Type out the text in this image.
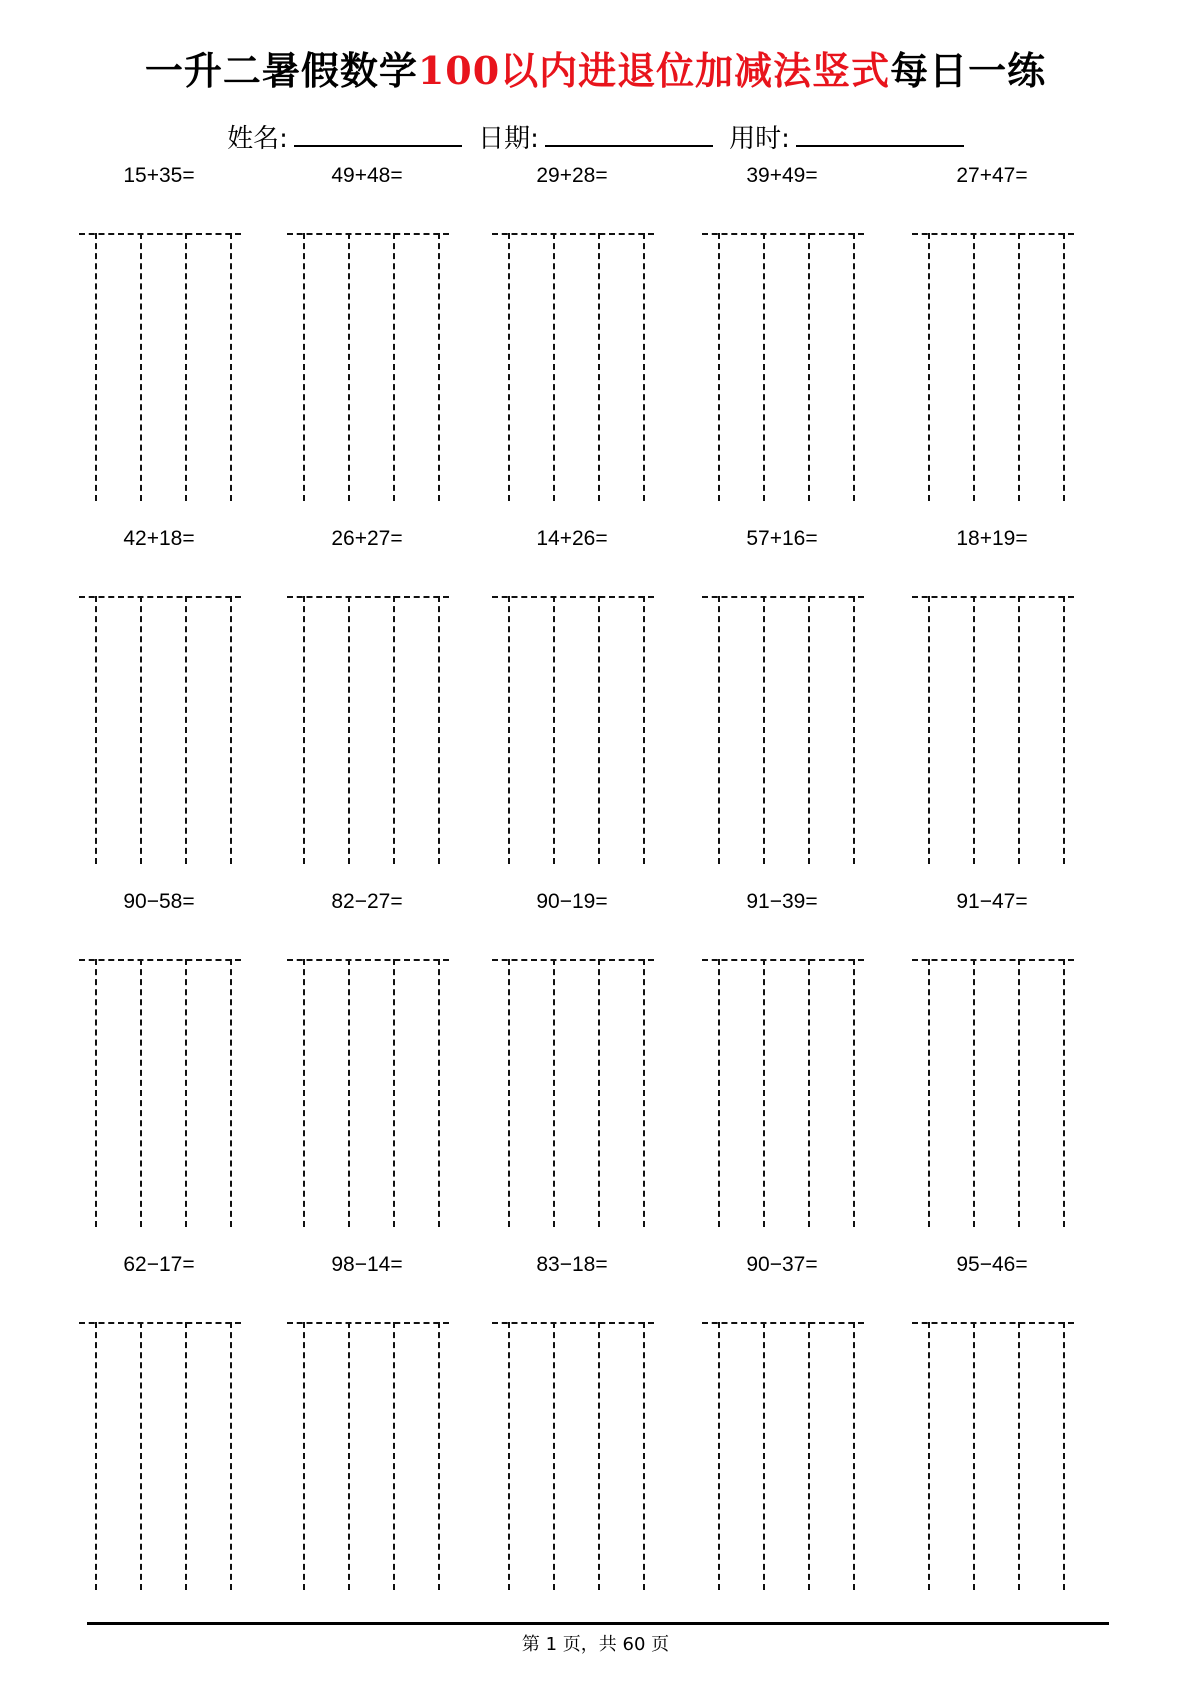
一升二暑假数学100以内进退位加减法竖式每日一练
姓名:	日期:	用时:
15+35=	49+48=	29+28=	39+49=	27+47=
42+18=	26+27=	14+26=	57+16=	18+19=
90−58=	82−27=	90−19=	91−39=	91−47=
62−17=	98−14=	83−18=	90−37=	95−46=
第 1 页，共 60 页
